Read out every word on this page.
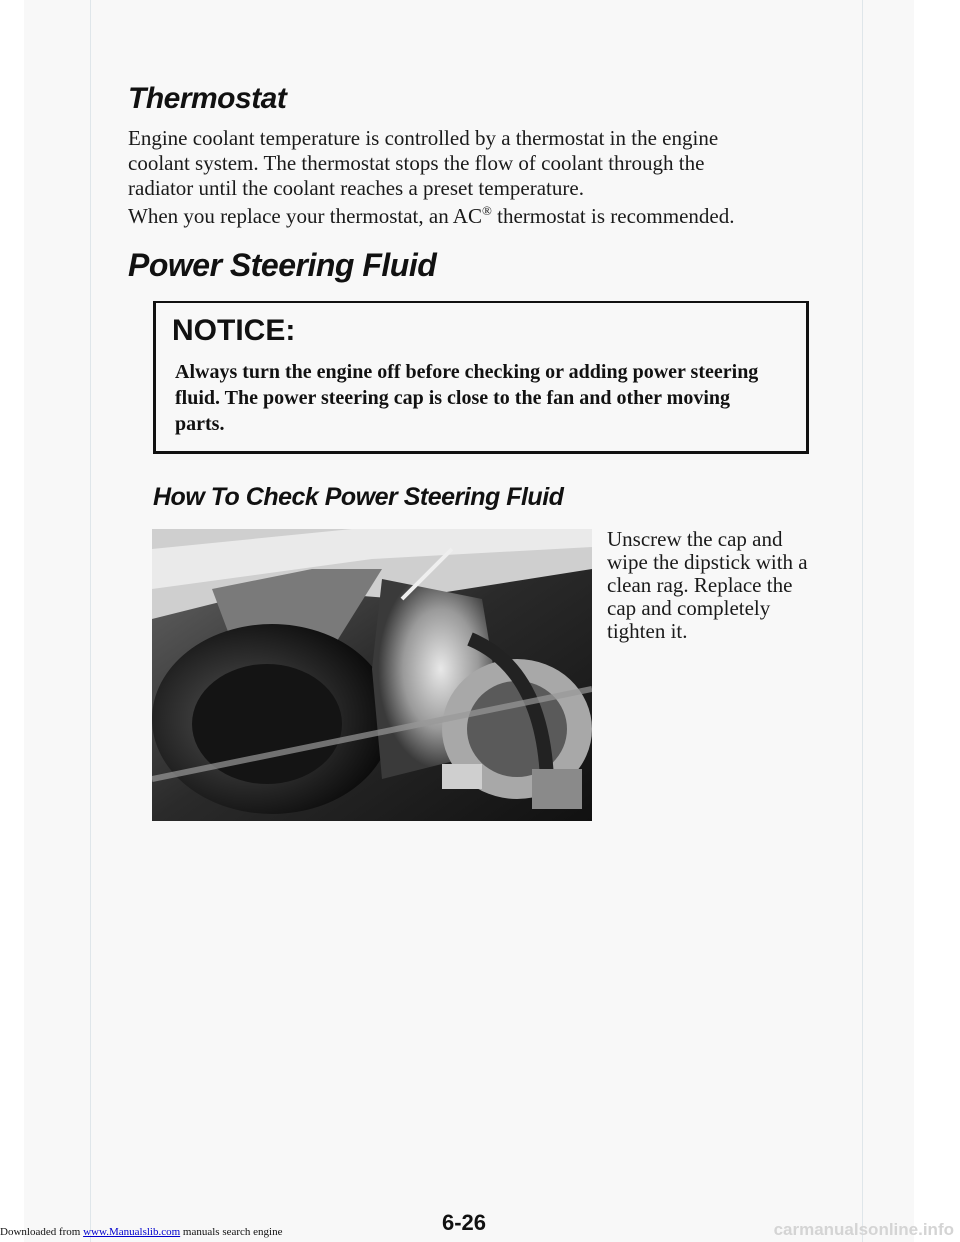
Thermostat

Engine coolant temperature is controlled by a thermostat in the engine coolant system. The thermostat stops the flow of coolant through the radiator until the coolant reaches a preset temperature.

When you replace your thermostat, an AC® thermostat is recommended.

Power Steering Fluid
NOTICE:

Always turn the engine off before checking or adding power steering fluid. The power steering cap is close to the fan and other moving parts.

How To Check Power Steering Fluid

Unscrew the cap and wipe the dipstick with a clean rag. Replace the cap and completely tighten it.

6-26

Downloaded from www.Manualslib.com manuals search engine	carmanualsonline.info
